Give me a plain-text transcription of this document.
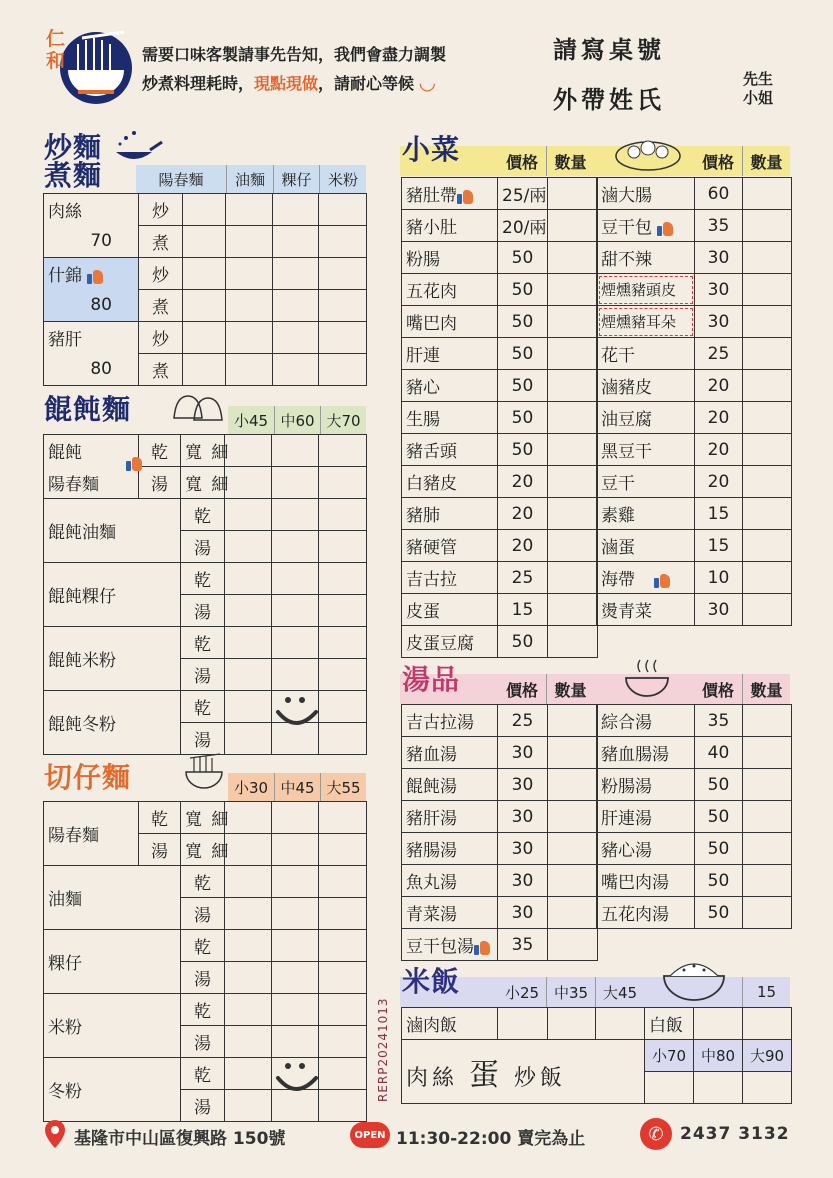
仁和	需要口味客製請事先告知，我們會盡力調製
炒煮料理耗時，現點現做，請耐心等候 ◡
請寫桌號
外帶姓氏
先生
小姐
炒麵
煮麵	陽春麵	油麵	粿仔	米粉
肉絲	炒				
70	煮				
什錦	炒				
80	煮				
豬肝	炒				
80	煮				
餛飩麵	小45 中60 大70
餛飩	乾	寬 細			
陽春麵	湯	寬 細			
餛飩油麵		乾			
		湯			
餛飩粿仔		乾			
		湯			
餛飩米粉		乾			
		湯			
餛飩冬粉		乾			
		湯			
切仔麵	小30 中45 大55
陽春麵	乾	寬 細			
	湯	寬 細			
油麵		乾			
		湯			
粿仔		乾			
		湯			
米粉		乾			
		湯			
冬粉		乾			
		湯			
小菜	價格	數量	價格	數量
豬肚帶	25/兩	
豬小肚	20/兩	
粉腸	50	
五花肉	50	
嘴巴肉	50	
肝連	50	
豬心	50	
生腸	50	
豬舌頭	50	
白豬皮	20	
豬肺	20	
豬硬管	20	
吉古拉	25	
皮蛋	15	
皮蛋豆腐	50	
滷大腸	60	
豆干包	35	
甜不辣	30	
煙燻豬頭皮	30	
煙燻豬耳朵	30	
花干	25	
滷豬皮	20	
油豆腐	20	
黑豆干	20	
豆干	20	
素雞	15	
滷蛋	15	
海帶	10	
燙青菜	30	
湯品	價格	數量	價格	數量
吉古拉湯	25	
豬血湯	30	
餛飩湯	30	
豬肝湯	30	
豬腸湯	30	
魚丸湯	30	
青菜湯	30	
豆干包湯	35	
綜合湯	35	
豬血腸湯	40	
粉腸湯	50	
肝連湯	50	
豬心湯	50	
嘴巴肉湯	50	
五花肉湯	50	
米飯	小25 中35 大45	15
滷肉飯				白飯		
肉絲 蛋 炒飯				小70	中80	大90

RERP20241013
基隆市中山區復興路 150號	OPEN 11:30-22:00 賣完為止	✆ 2437 3132
